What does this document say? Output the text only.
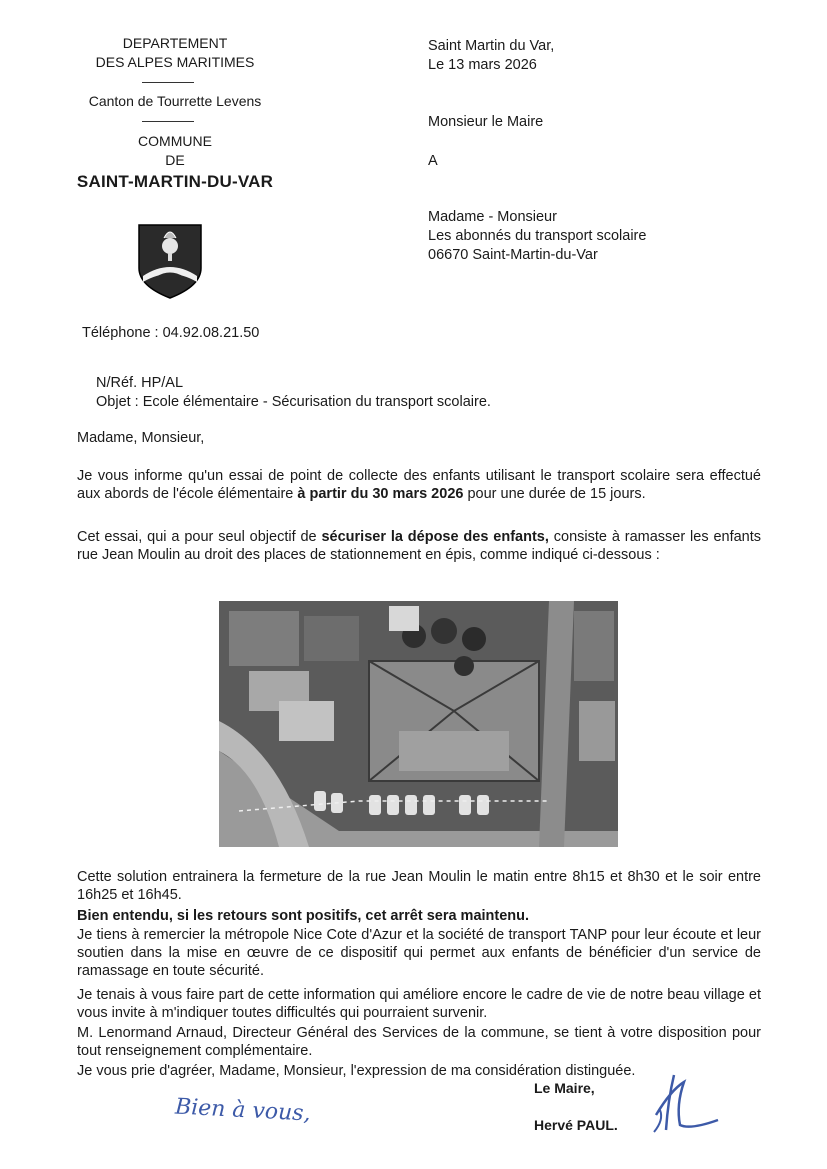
DEPARTEMENT
DES ALPES MARITIMES
Canton de Tourrette Levens
COMMUNE
DE
SAINT-MARTIN-DU-VAR
Téléphone : 04.92.08.21.50
Saint Martin du Var,
Le 13 mars 2026
Monsieur le Maire
A
Madame - Monsieur
Les abonnés du transport scolaire
06670 Saint-Martin-du-Var
N/Réf. HP/AL
Objet : Ecole élémentaire - Sécurisation du transport scolaire.
Madame, Monsieur,

Je vous informe qu'un essai de point de collecte des enfants utilisant le transport scolaire sera effectué aux abords de l'école élémentaire à partir du 30 mars 2026 pour une durée de 15 jours.

Cet essai, qui a pour seul objectif de sécuriser la dépose des enfants, consiste à ramasser les enfants rue Jean Moulin au droit des places de stationnement en épis, comme indiqué ci-dessous :

Cette solution entrainera la fermeture de la rue Jean Moulin le matin entre 8h15 et 8h30 et le soir entre 16h25 et 16h45.
Bien entendu, si les retours sont positifs, cet arrêt sera maintenu.
Je tiens à remercier la métropole Nice Cote d'Azur et la société de transport TANP pour leur écoute et leur soutien dans la mise en œuvre de ce dispositif qui permet aux enfants de bénéficier d'un service de ramassage en toute sécurité.
Je tenais à vous faire part de cette information qui améliore encore le cadre de vie de notre beau village et vous invite à m'indiquer toutes difficultés qui pourraient survenir.
M. Lenormand Arnaud, Directeur Général des Services de la commune, se tient à votre disposition pour tout renseignement complémentaire.
Je vous prie d'agréer, Madame, Monsieur, l'expression de ma considération distinguée.
Le Maire,
Hervé PAUL.
Bien à vous,
